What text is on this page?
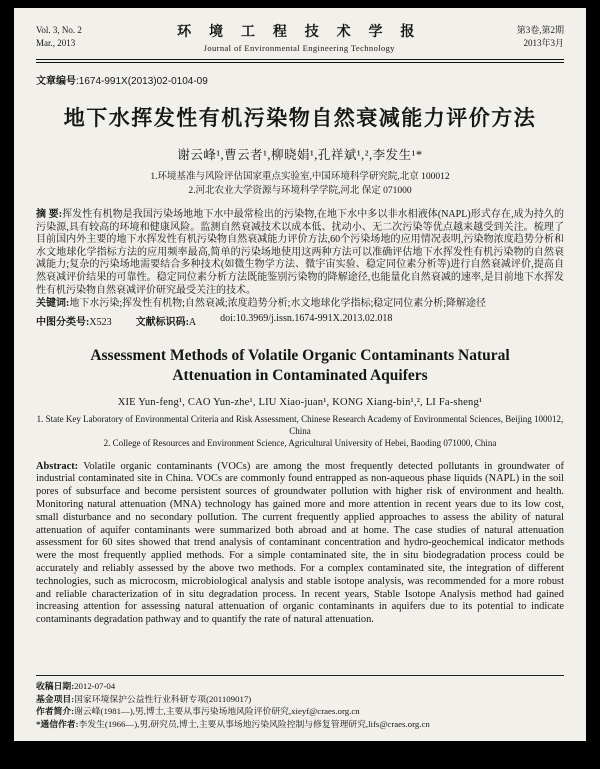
Vol. 3, No. 2
Mar., 2013
环 境 工 程 技 术 学 报
Journal of Environmental Engineering Technology
第3卷,第2期
2013年3月
文章编号:1674-991X(2013)02-0104-09
地下水挥发性有机污染物自然衰减能力评价方法
谢云峰¹,曹云者¹,柳晓娟¹,孔祥斌¹,²,李发生¹*
1.环境基准与风险评估国家重点实验室,中国环境科学研究院,北京 100012
2.河北农业大学资源与环境科学学院,河北 保定 071000

摘 要:挥发性有机物是我国污染场地地下水中最常检出的污染物,在地下水中多以非水相液体(NAPL)形式存在,成为持久的污染源,具有较高的环境和健康风险。监测自然衰减技术以成本低、扰动小、无二次污染等优点越来越受到关注。梳理了目前国内外主要的地下水挥发性有机污染物自然衰减能力评价方法,60个污染场地的应用情况表明,污染物浓度趋势分析和水文地球化学指标方法的应用频率最高,简单的污染场地使用这两种方法可以准确评估地下水挥发性有机污染物的自然衰减能力;复杂的污染场地需要结合多种技术(如微生物学方法、微宇宙实验、稳定同位素分析等)进行自然衰减评价,提高自然衰减评价结果的可靠性。稳定同位素分析方法既能鉴别污染物的降解途径,也能量化自然衰减的速率,是目前地下水挥发性有机污染物自然衰减评价研究最受关注的技术。

关键词:地下水污染;挥发性有机物;自然衰减;浓度趋势分析;水文地球化学指标;稳定同位素分析;降解途径

中图分类号:X523 文献标识码:A doi:10.3969/j.issn.1674-991X.2013.02.018
Assessment Methods of Volatile Organic Contaminants Natural Attenuation in Contaminated Aquifers
XIE Yun-feng¹, CAO Yun-zhe¹, LIU Xiao-juan¹, KONG Xiang-bin¹,², LI Fa-sheng¹
1. State Key Laboratory of Environmental Criteria and Risk Assessment, Chinese Research Academy of Environmental Sciences, Beijing 100012, China
2. College of Resources and Environment Science, Agricultural University of Hebei, Baoding 071000, China

Abstract: Volatile organic contaminants (VOCs) are among the most frequently detected pollutants in groundwater of industrial contaminated site in China. VOCs are commonly found entrapped as non-aqueous phase liquids (NAPL) in the soil pores of subsurface and become persistent sources of groundwater pollution with higher risk of environment and health. Monitoring natural attenuation (MNA) technology has gained more and more attention in recent years due to its low cost, small disturbance and no secondary pollution. The current frequently applied approaches to assess the ability of natural attenuation of aquifer contaminants were summarized both abroad and at home. The case studies of natural attenuation assessment for 60 sites showed that trend analysis of contaminant concentration and hydro-geochemical indicator methods were the most frequently applied methods. For a simple contaminated site, the in situ biodegradation process could be accurately and reliably assessed by the above two methods. For a complex contaminated site, the integration of different technologies, such as microcosm, microbiological analysis and stable isotope analysis, was recommended for a more robust and reliable characterization of in situ degradation process. In recent years, Stable Isotope Analysis method had gained increasing attention for assessing natural attenuation of organic contaminants in aquifers due to its potential to indicate contaminants degradation pathway and to quantify the rate of natural attenuation.

收稿日期:2012-07-04
基金项目:国家环境保护公益性行业科研专项(201109017)
作者简介:谢云峰(1981—),男,博士,主要从事污染场地风险评价研究,xieyf@craes.org.cn
*通信作者:李发生(1966—),男,研究员,博士,主要从事场地污染风险控制与修复管理研究,lifs@craes.org.cn
